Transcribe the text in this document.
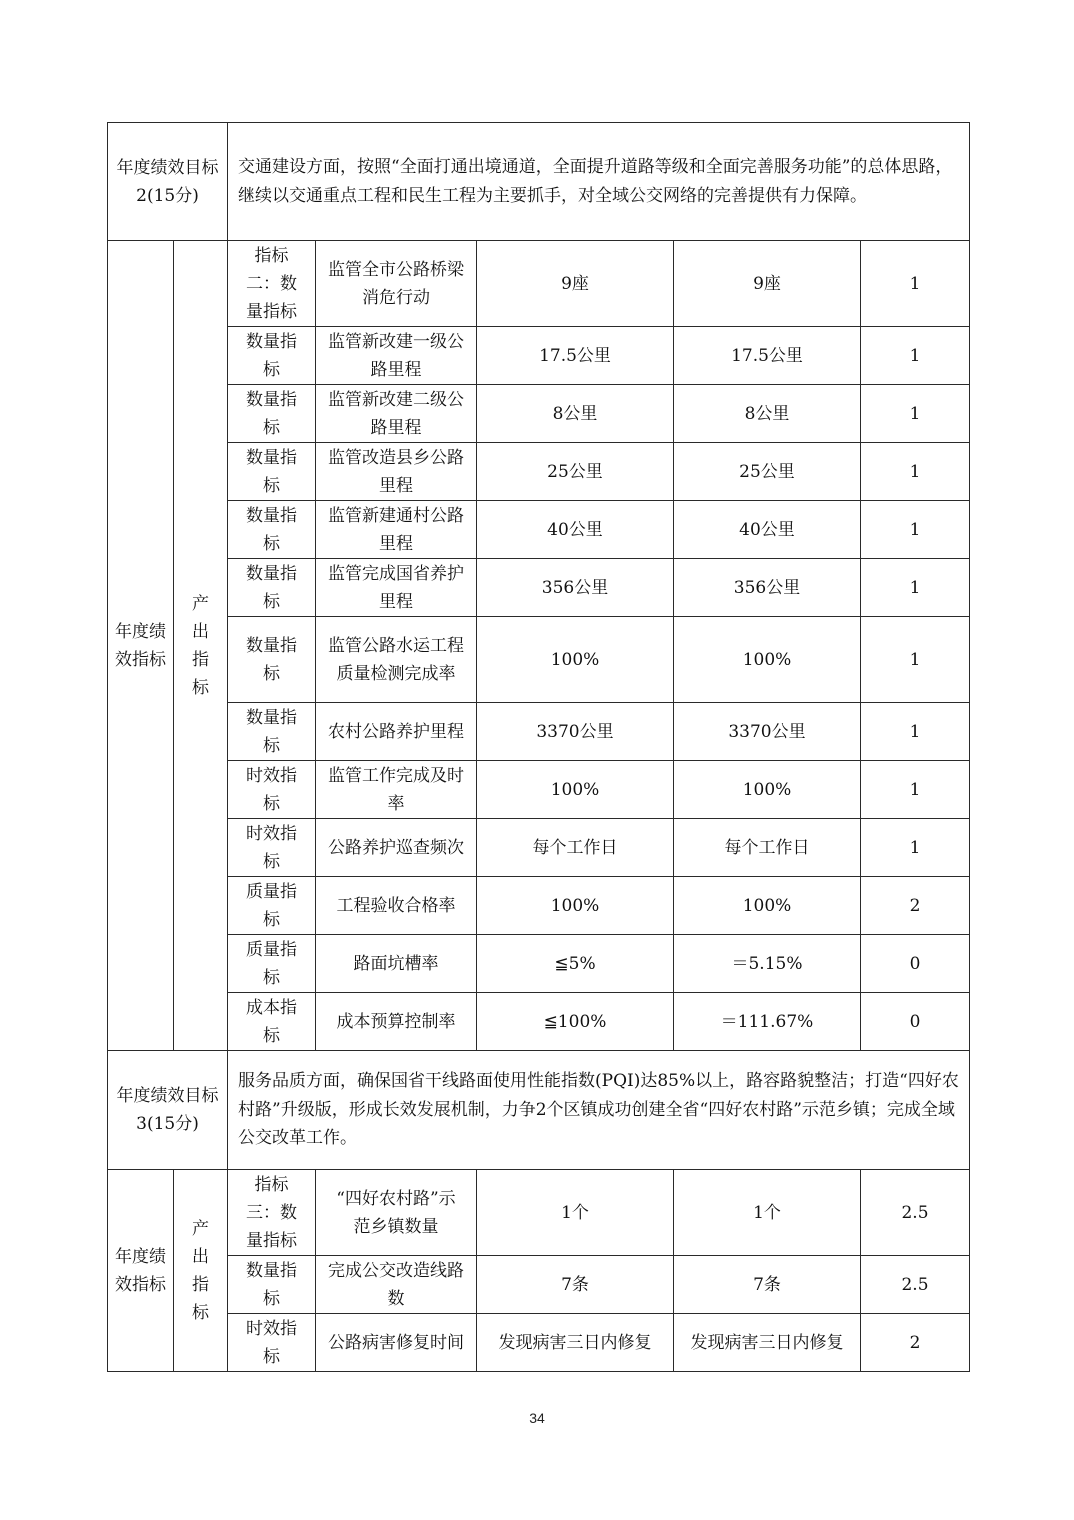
年度绩效目标2(15分)		交通建设方面，按照“全面打通出境通道，全面提升道路等级和全面完善服务功能”的总体思路，继续以交通重点工程和民生工程为主要抓手，对全域公交网络的完善提供有力保障。				
年度绩效指标	产出指标	指标二：数量指标	监管全市公路桥梁消危行动	9座	9座	1
		数量指标	监管新改建一级公路里程	17.5公里	17.5公里	1
		数量指标	监管新改建二级公路里程	8公里	8公里	1
		数量指标	监管改造县乡公路里程	25公里	25公里	1
		数量指标	监管新建通村公路里程	40公里	40公里	1
		数量指标	监管完成国省养护里程	356公里	356公里	1
		数量指标	监管公路水运工程质量检测完成率	100%	100%	1
		数量指标	农村公路养护里程	3370公里	3370公里	1
		时效指标	监管工作完成及时率	100%	100%	1
		时效指标	公路养护巡查频次	每个工作日	每个工作日	1
		质量指标	工程验收合格率	100%	100%	2
		质量指标	路面坑槽率	≦5%	＝5.15%	0
		成本指标	成本预算控制率	≦100%	＝111.67%	0
年度绩效目标3(15分)		服务品质方面，确保国省干线路面使用性能指数(PQI)达85%以上，路容路貌整洁；打造“四好农村路”升级版，形成长效发展机制，力争2个区镇成功创建全省“四好农村路”示范乡镇；完成全域公交改革工作。				
年度绩效指标	产出指标	指标三：数量指标	“四好农村路”示范乡镇数量	1个	1个	2.5
		数量指标	完成公交改造线路数	7条	7条	2.5
		时效指标	公路病害修复时间	发现病害三日内修复	发现病害三日内修复	2
34
